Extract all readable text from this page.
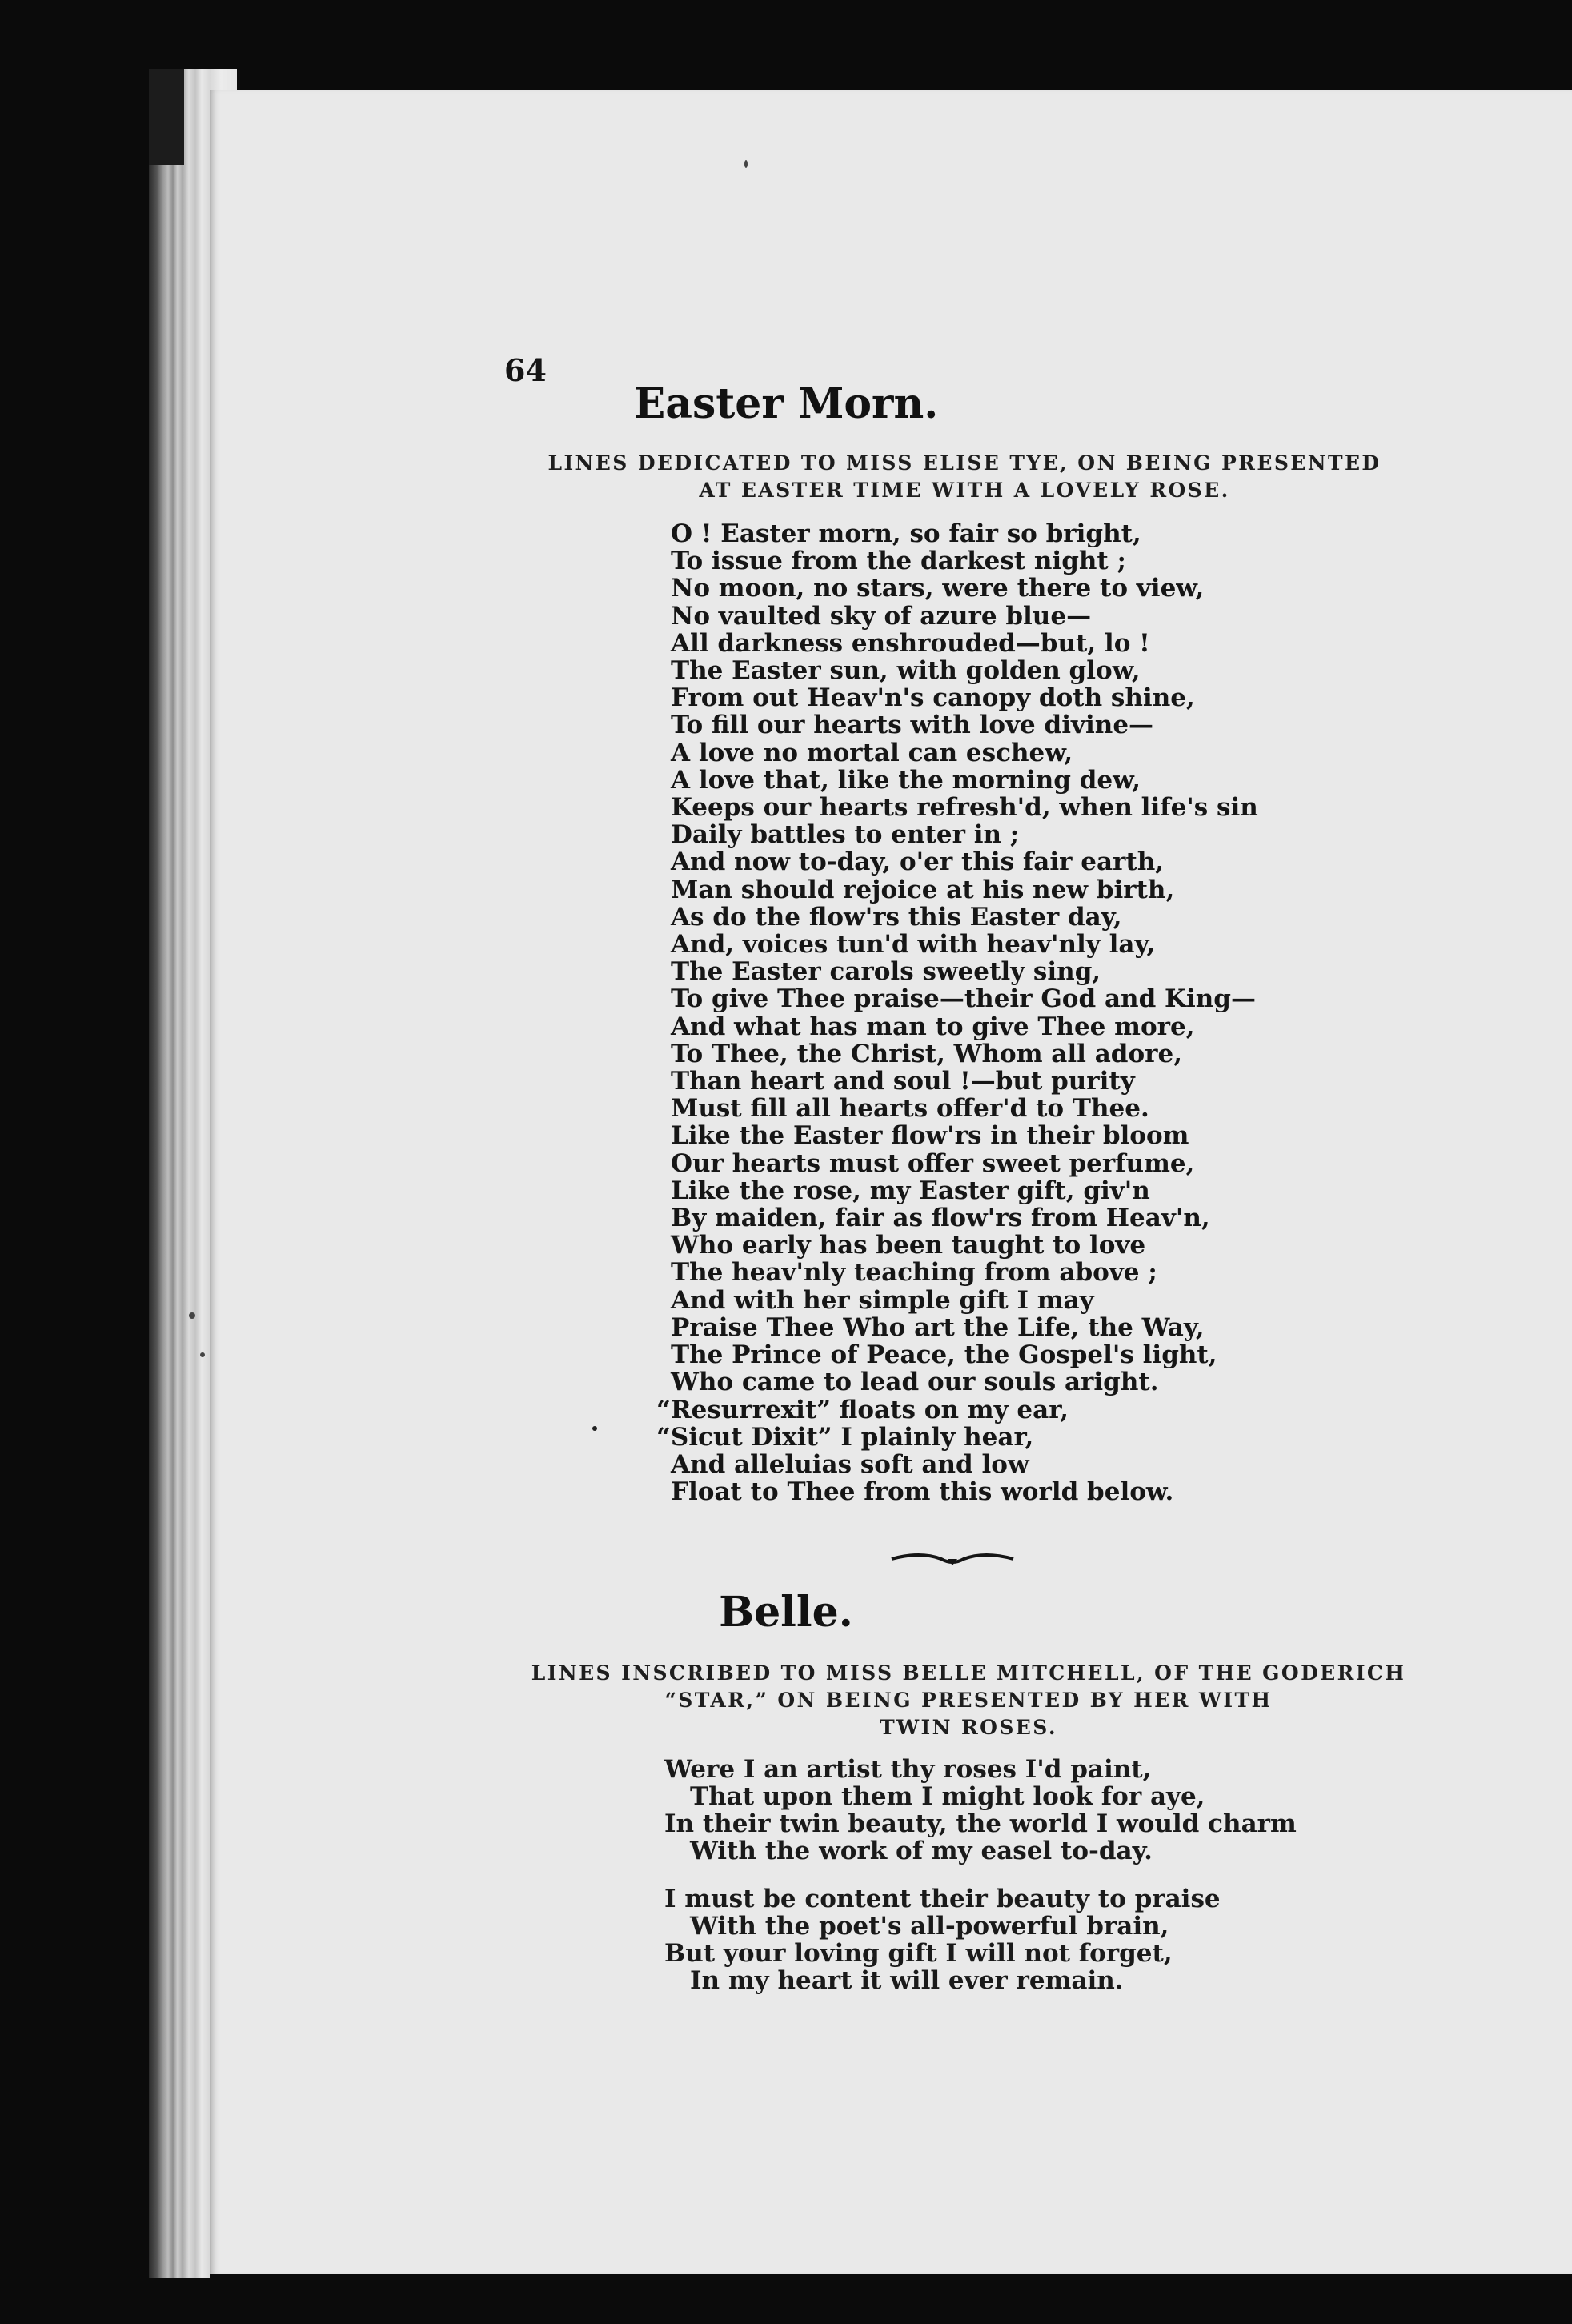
64
Easter Morn.
LINES DEDICATED TO MISS ELISE TYE, ON BEING PRESENTED
AT EASTER TIME WITH A LOVELY ROSE.
O ! Easter morn, so fair so bright,
To issue from the darkest night ;
No moon, no stars, were there to view,
No vaulted sky of azure blue—
All darkness enshrouded—but, lo !
The Easter sun, with golden glow,
From out Heav'n's canopy doth shine,
To fill our hearts with love divine—
A love no mortal can eschew,
A love that, like the morning dew,
Keeps our hearts refresh'd, when life's sin
Daily battles to enter in ;
And now to-day, o'er this fair earth,
Man should rejoice at his new birth,
As do the flow'rs this Easter day,
And, voices tun'd with heav'nly lay,
The Easter carols sweetly sing,
To give Thee praise—their God and King—
And what has man to give Thee more,
To Thee, the Christ, Whom all adore,
Than heart and soul !—but purity
Must fill all hearts offer'd to Thee.
Like the Easter flow'rs in their bloom
Our hearts must offer sweet perfume,
Like the rose, my Easter gift, giv'n
By maiden, fair as flow'rs from Heav'n,
Who early has been taught to love
The heav'nly teaching from above ;
And with her simple gift I may
Praise Thee Who art the Life, the Way,
The Prince of Peace, the Gospel's light,
Who came to lead our souls aright.
“Resurrexit” floats on my ear,
“Sicut Dixit” I plainly hear,
And alleluias soft and low
Float to Thee from this world below.
Belle.
LINES INSCRIBED TO MISS BELLE MITCHELL, OF THE GODERICH
“STAR,” ON BEING PRESENTED BY HER WITH
TWIN ROSES.
Were I an artist thy roses I'd paint,
That upon them I might look for aye,
In their twin beauty, the world I would charm
With the work of my easel to-day.
I must be content their beauty to praise
With the poet's all-powerful brain,
But your loving gift I will not forget,
In my heart it will ever remain.
